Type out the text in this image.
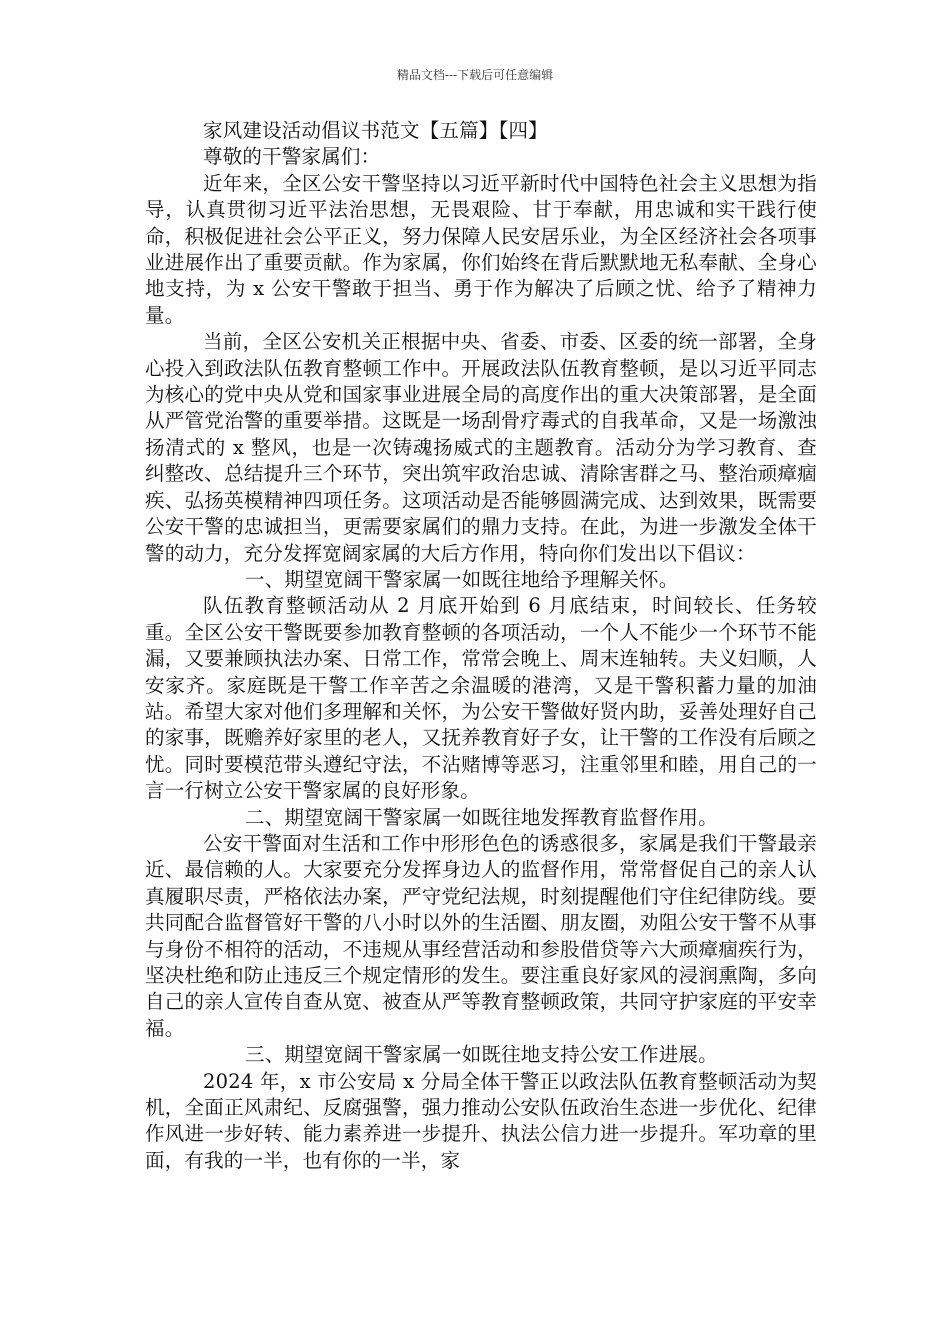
精品文档---下载后可任意编辑
家风建设活动倡议书范文【五篇】【四】

尊敬的干警家属们：

近年来，全区公安干警坚持以习近平新时代中国特色社会主义思想为指导，认真贯彻习近平法治思想，无畏艰险、甘于奉献，用忠诚和实干践行使命，积极促进社会公平正义，努力保障人民安居乐业，为全区经济社会各项事业进展作出了重要贡献。作为家属，你们始终在背后默默地无私奉献、全身心地支持，为 x 公安干警敢于担当、勇于作为解决了后顾之忧、给予了精神力量。

当前，全区公安机关正根据中央、省委、市委、区委的统一部署，全身心投入到政法队伍教育整顿工作中。开展政法队伍教育整顿，是以习近平同志为核心的党中央从党和国家事业进展全局的高度作出的重大决策部署，是全面从严管党治警的重要举措。这既是一场刮骨疗毒式的自我革命，又是一场激浊扬清式的 x 整风，也是一次铸魂扬威式的主题教育。活动分为学习教育、查纠整改、总结提升三个环节，突出筑牢政治忠诚、清除害群之马、整治顽瘴痼疾、弘扬英模精神四项任务。这项活动是否能够圆满完成、达到效果，既需要公安干警的忠诚担当，更需要家属们的鼎力支持。在此，为进一步激发全体干警的动力，充分发挥宽阔家属的大后方作用，特向你们发出以下倡议：

一、期望宽阔干警家属一如既往地给予理解关怀。

队伍教育整顿活动从 2 月底开始到 6 月底结束，时间较长、任务较重。全区公安干警既要参加教育整顿的各项活动，一个人不能少一个环节不能漏，又要兼顾执法办案、日常工作，常常会晚上、周末连轴转。夫义妇顺，人安家齐。家庭既是干警工作辛苦之余温暖的港湾，又是干警积蓄力量的加油站。希望大家对他们多理解和关怀，为公安干警做好贤内助，妥善处理好自己的家事，既赡养好家里的老人，又抚养教育好子女，让干警的工作没有后顾之忧。同时要模范带头遵纪守法，不沾赌博等恶习，注重邻里和睦，用自己的一言一行树立公安干警家属的良好形象。

二、期望宽阔干警家属一如既往地发挥教育监督作用。

公安干警面对生活和工作中形形色色的诱惑很多，家属是我们干警最亲近、最信赖的人。大家要充分发挥身边人的监督作用，常常督促自己的亲人认真履职尽责，严格依法办案，严守党纪法规，时刻提醒他们守住纪律防线。要共同配合监督管好干警的八小时以外的生活圈、朋友圈，劝阻公安干警不从事与身份不相符的活动，不违规从事经营活动和参股借贷等六大顽瘴痼疾行为，坚决杜绝和防止违反三个规定情形的发生。要注重良好家风的浸润熏陶，多向自己的亲人宣传自查从宽、被查从严等教育整顿政策，共同守护家庭的平安幸福。

三、期望宽阔干警家属一如既往地支持公安工作进展。

2024 年，x 市公安局 x 分局全体干警正以政法队伍教育整顿活动为契机，全面正风肃纪、反腐强警，强力推动公安队伍政治生态进一步优化、纪律作风进一步好转、能力素养进一步提升、执法公信力进一步提升。军功章的里面，有我的一半，也有你的一半，家
